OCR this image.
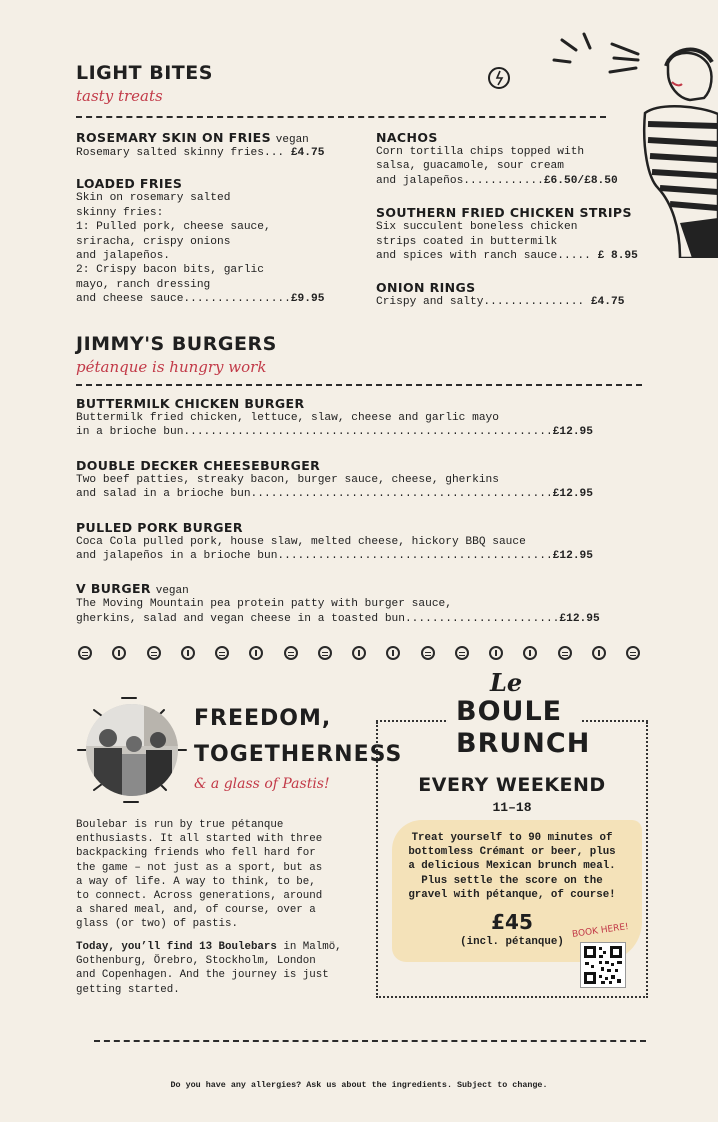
LIGHT BITES
tasty treats
ROSEMARY SKIN ON FRIES vegan

Rosemary salted skinny fries... £4.75

LOADED FRIES

Skin on rosemary salted
skinny fries:
1: Pulled pork, cheese sauce,
sriracha, crispy onions
and jalapeños.
2: Crispy bacon bits, garlic
mayo, ranch dressing
and cheese sauce................£9.95

NACHOS

Corn tortilla chips topped with
salsa, guacamole, sour cream
and jalapeños............£6.50/£8.50

SOUTHERN FRIED CHICKEN STRIPS

Six succulent boneless chicken
strips coated in buttermilk
and spices with ranch sauce..... £ 8.95

ONION RINGS

Crispy and salty............... £4.75

JIMMY'S BURGERS
pétanque is hungry work
BUTTERMILK CHICKEN BURGER

Buttermilk fried chicken, lettuce, slaw, cheese and garlic mayo
in a brioche bun.......................................................£12.95

DOUBLE DECKER CHEESEBURGER

Two beef patties, streaky bacon, burger sauce, cheese, gherkins
and salad in a brioche bun.............................................£12.95

PULLED PORK BURGER

Coca Cola pulled pork, house slaw, melted cheese, hickory BBQ sauce
and jalapeños in a brioche bun.........................................£12.95

V BURGER vegan

The Moving Mountain pea protein patty with burger sauce,
gherkins, salad and vegan cheese in a toasted bun.......................£12.95

FREEDOM,
TOGETHERNESS
& a glass of Pastis!

Boulebar is run by true pétanque
enthusiasts. It all started with three
backpacking friends who fell hard for
the game – not just as a sport, but as
a way of life. A way to think, to be,
to connect. Across generations, around
a shared meal, and, of course, over a
glass (or two) of pastis.

Today, you’ll find 13 Boulebars in Malmö,
Gothenburg, Örebro, Stockholm, London
and Copenhagen. And the journey is just
getting started.

Le
BOULE
BRUNCH
EVERY WEEKEND
11–18

Treat yourself to 90 minutes of
bottomless Crémant or beer, plus
a delicious Mexican brunch meal.
Plus settle the score on the
gravel with pétanque, of course!

£45
(incl. pétanque)
BOOK HERE!
Do you have any allergies? Ask us about the ingredients. Subject to change.
